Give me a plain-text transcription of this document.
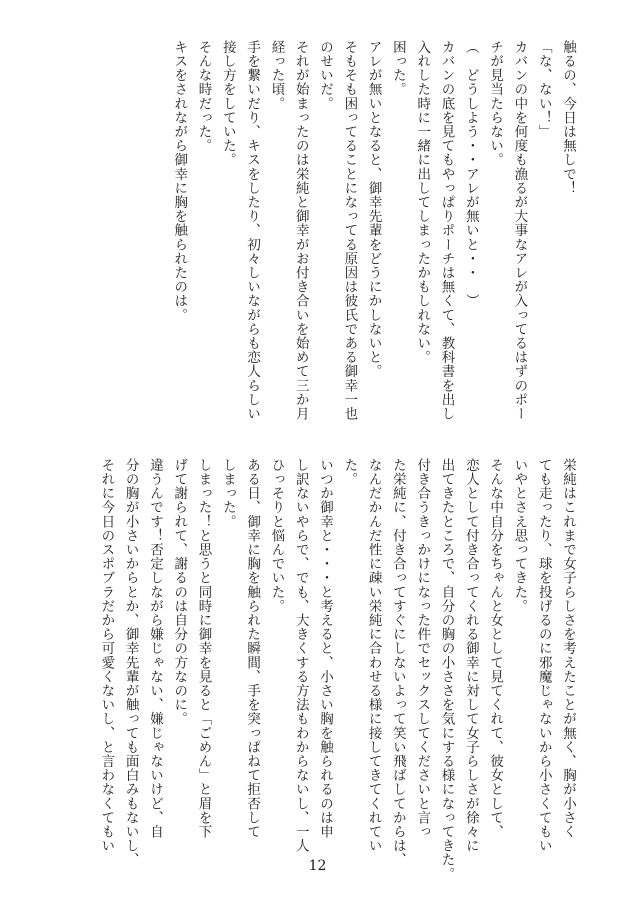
触るの、今日は無しで！
「な、ない！」
カバンの中を何度も漁るが大事なアレが入ってるはずのポー
チが見当たらない。
（　どうしよう・・アレが無いと・・　）
カバンの底を見てもやっぱりポーチは無くて、教科書を出し
入れした時に一緒に出してしまったかもしれない。
困った。
アレが無いとなると、御幸先輩をどうにかしないと。
そもそも困ってることになってる原因は彼氏である御幸一也
のせいだ。
それが始まったのは栄純と御幸がお付き合いを始めて三か月
経った頃。
手を繋いだり、キスをしたり、初々しいながらも恋人らしい
接し方をしていた。
そんな時だった。
キスをされながら御幸に胸を触られたのは。
栄純はこれまで女子らしさを考えたことが無く、胸が小さく
ても走ったり、球を投げるのに邪魔じゃないから小さくてもい
いやとさえ思ってきた。
そんな中自分をちゃんと女として見てくれて、彼女として、
恋人として付き合ってくれる御幸に対して女子らしさが徐々に
出てきたところで、自分の胸の小ささを気にする様になってきた。
付き合うきっかけになった件でセックスしてくださいと言っ
た栄純に、付き合ってすぐにしないよって笑い飛ばしてからは、
なんだかんだ性に疎い栄純に合わせる様に接してきてくれてい
た。
いつか御幸と・・・と考えると、小さい胸を触られるのは申
し訳ないやらで、でも、大きくする方法もわからないし、一人
ひっそりと悩んでいた。
ある日、御幸に胸を触られた瞬間、手を突っぱねて拒否して
しまった。
しまった！と思うと同時に御幸を見ると「ごめん」と眉を下
げて謝られて、謝るのは自分の方なのに。
違うんです！否定しながら嫌じゃない、嫌じゃないけど、自
分の胸が小さいからとか、御幸先輩が触っても面白みもないし、
それに今日のスポブラだから可愛くないし、と言わなくてもい
12
